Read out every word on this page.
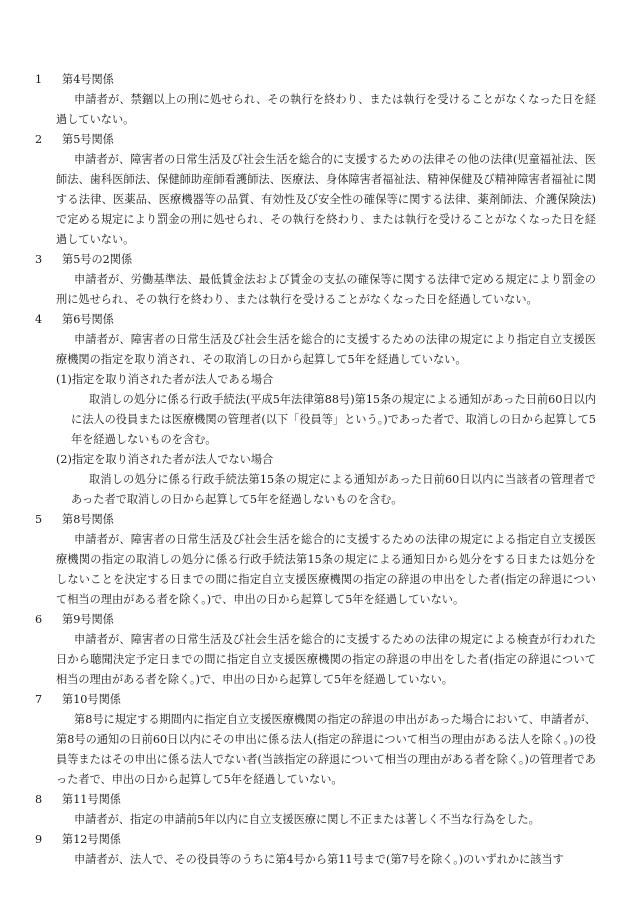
1 第4号関係
申請者が、禁錮以上の刑に処せられ、その執行を終わり、または執行を受けることがなくなった日を経過していない。
2 第5号関係
申請者が、障害者の日常生活及び社会生活を総合的に支援するための法律その他の法律(児童福祉法、医師法、歯科医師法、保健師助産師看護師法、医療法、身体障害者福祉法、精神保健及び精神障害者福祉に関する法律、医薬品、医療機器等の品質、有効性及び安全性の確保等に関する法律、薬剤師法、介護保険法)で定める規定により罰金の刑に処せられ、その執行を終わり、または執行を受けることがなくなった日を経過していない。
3 第5号の2関係
申請者が、労働基準法、最低賃金法および賃金の支払の確保等に関する法律で定める規定により罰金の刑に処せられ、その執行を終わり、または執行を受けることがなくなった日を経過していない。
4 第6号関係
申請者が、障害者の日常生活及び社会生活を総合的に支援するための法律の規定により指定自立支援医療機関の指定を取り消され、その取消しの日から起算して5年を経過していない。
(1)指定を取り消された者が法人である場合
取消しの処分に係る行政手続法(平成5年法律第88号)第15条の規定による通知があった日前60日以内に法人の役員または医療機関の管理者(以下「役員等」という。)であった者で、取消しの日から起算して5年を経過しないものを含む。
(2)指定を取り消された者が法人でない場合
取消しの処分に係る行政手続法第15条の規定による通知があった日前60日以内に当該者の管理者であった者で取消しの日から起算して5年を経過しないものを含む。
5 第8号関係
申請者が、障害者の日常生活及び社会生活を総合的に支援するための法律の規定による指定自立支援医療機関の指定の取消しの処分に係る行政手続法第15条の規定による通知日から処分をする日または処分をしないことを決定する日までの間に指定自立支援医療機関の指定の辞退の申出をした者(指定の辞退について相当の理由がある者を除く。)で、申出の日から起算して5年を経過していない。
6 第9号関係
申請者が、障害者の日常生活及び社会生活を総合的に支援するための法律の規定による検査が行われた日から聴聞決定予定日までの間に指定自立支援医療機関の指定の辞退の申出をした者(指定の辞退について相当の理由がある者を除く。)で、申出の日から起算して5年を経過していない。
7 第10号関係
第8号に規定する期間内に指定自立支援医療機関の指定の辞退の申出があった場合において、申請者が、第8号の通知の日前60日以内にその申出に係る法人(指定の辞退について相当の理由がある法人を除く。)の役員等またはその申出に係る法人でない者(当該指定の辞退について相当の理由がある者を除く。)の管理者であった者で、申出の日から起算して5年を経過していない。
8 第11号関係
申請者が、指定の申請前5年以内に自立支援医療に関し不正または著しく不当な行為をした。
9 第12号関係
申請者が、法人で、その役員等のうちに第4号から第11号まで(第7号を除く。)のいずれかに該当す
